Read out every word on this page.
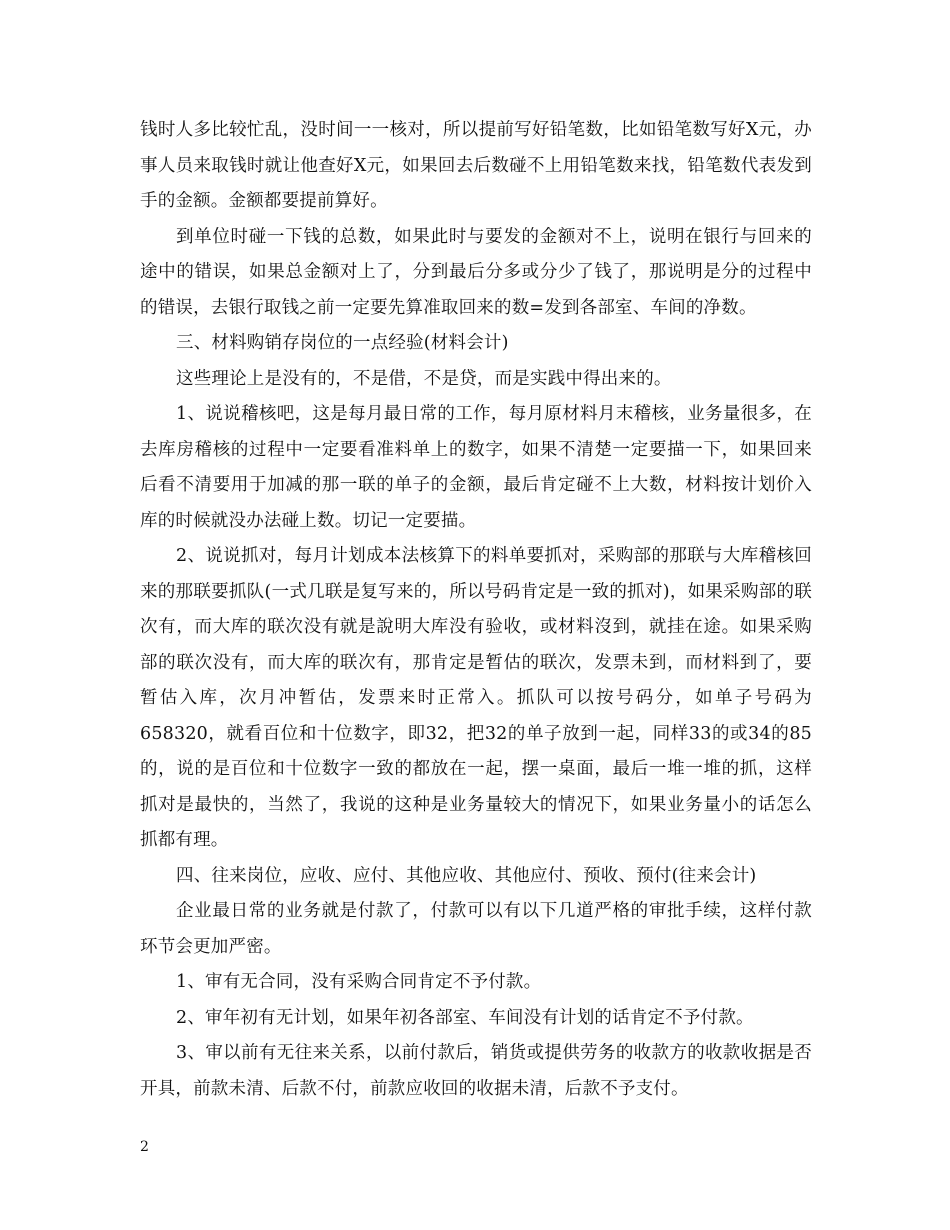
钱时人多比较忙乱，没时间一一核对，所以提前写好铅笔数，比如铅笔数写好X元，办事人员来取钱时就让他查好X元，如果回去后数碰不上用铅笔数来找，铅笔数代表发到手的金额。金额都要提前算好。

到单位时碰一下钱的总数，如果此时与要发的金额对不上，说明在银行与回来的途中的错误，如果总金额对上了，分到最后分多或分少了钱了，那说明是分的过程中的错误，去银行取钱之前一定要先算准取回来的数=发到各部室、车间的净数。

三、材料购销存岗位的一点经验(材料会计)

这些理论上是没有的，不是借，不是贷，而是实践中得出来的。

1、说说稽核吧，这是每月最日常的工作，每月原材料月末稽核，业务量很多，在去库房稽核的过程中一定要看准料单上的数字，如果不清楚一定要描一下，如果回来后看不清要用于加减的那一联的单子的金额，最后肯定碰不上大数，材料按计划价入库的时候就没办法碰上数。切记一定要描。

2、说说抓对，每月计划成本法核算下的料单要抓对，采购部的那联与大库稽核回来的那联要抓队(一式几联是复写来的，所以号码肯定是一致的抓对)，如果采购部的联次有，而大库的联次没有就是說明大库没有验收，或材料沒到，就挂在途。如果采购部的联次没有，而大库的联次有，那肯定是暂估的联次，发票未到，而材料到了，要暂估入库，次月冲暂估，发票来时正常入。抓队可以按号码分，如单子号码为658320，就看百位和十位数字，即32，把32的单子放到一起，同样33的或34的85的，说的是百位和十位数字一致的都放在一起，摆一桌面，最后一堆一堆的抓，这样抓对是最快的，当然了，我说的这种是业务量较大的情况下，如果业务量小的话怎么抓都有理。

四、往来岗位，应收、应付、其他应收、其他应付、预收、预付(往来会计)

企业最日常的业务就是付款了，付款可以有以下几道严格的审批手续，这样付款环节会更加严密。

1、审有无合同，没有采购合同肯定不予付款。

2、审年初有无计划，如果年初各部室、车间没有计划的话肯定不予付款。

3、审以前有无往来关系，以前付款后，销货或提供劳务的收款方的收款收据是否开具，前款未清、后款不付，前款应收回的收据未清，后款不予支付。

2
